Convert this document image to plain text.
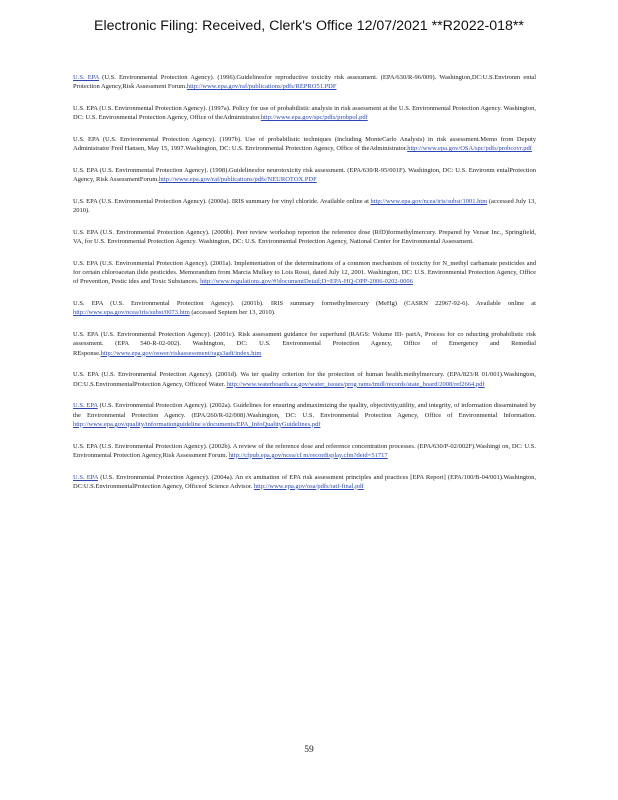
Electronic Filing: Received, Clerk's Office 12/07/2021 **R2022-018**

U.S. EPA (U.S. Environmental Protection Agency). (1996).Guidelinesfor reproductive toxicity risk assessment. (EPA/630/R-96/009). Washington,DC:U.S.Environm ental Protection Agency,Risk Assessment Forum.http://www.epa.gov/raf/publications/pdfs/REPRO51.PDF

U.S. EPA (U.S. Environmental Protection Agency). (1997a). Policy for use of probabilistic analysis in risk assessment at the U.S. Environmental Protection Agency. Washington, DC: U.S. Environmental Protection Agency, Office of theAdministrator.http://www.epa.gov/spc/pdfs/probpol.pdf

U.S. EPA (U.S. Environmental Protection Agency). (1997b). Use of probabilistic techniques (including MonteCarlo Analysis) in risk assessment.Memo from Deputy Administrator Fred Hansen, May 15, 1997.Washington, DC: U.S. Environmental Protection Agency, Office of theAdministrator.http://www.epa.gov/OSA/spc/pdfs/probcovr.pdf

U.S. EPA (U.S. Environmental Protection Agency). (1998).Guidelinesfor neurotoxicity risk assessment. (EPA/630/R-95/001F). Washington, DC: U.S. Environm entalProtection Agency, Risk AssessmentForum.http://www.epa.gov/raf/publications/pdfs/NEUROTOX.PDF

U.S. EPA (U.S. Environmental Protection Agency). (2000a). IRIS summary for vinyl chloride. Available online at http://www.epa.gov/ncea/iris/subst/1001.htm (accessed July 13, 2010).

U.S. EPA (U.S. Environmental Protection Agency). (2000b). Peer review workshop reporton the reference dose (RfD)formethylmercury. Prepared by Versar Inc., Springfield, VA, for U.S. Environmental Protection Agency. Washington, DC: U.S. Environmental Protection Agency, National Center for Environmental Assessment.

U.S. EPA (U.S. Environmental Protection Agency). (2001a). Implementation of the determinations of a common mechanism of toxicity for N_methyl carbamate pesticides and for certain chloroacetan ilide pesticides. Memorandum from Marcia Mulkey to Lois Rossi, dated July 12, 2001. Washington, DC: U.S. Environmental Protection Agency, Office of Prevention, Pestic ides and Toxic Substances. http://www.regulations.gov/#!documentDetail;D=EPA-HQ-OPP-2006-0202-0006

U.S. EPA (U.S. Environmental Protection Agency). (2001b). IRIS summary formethylmercury (MeHg) (CASRN 22967-92-6). Available online at http://www.epa.gov/ncea/iris/subst/0073.htm (accessed Septem ber 13, 2010).

U.S. EPA (U.S. Environmental Protection Agency). (2001c). Risk assessment guidance for superfund (RAGS: Volume III- partA, Process for co nducting probabilistic risk assessment. (EPA 540-R-02-002). Washington, DC: U.S. Environmental Protection Agency, Office of Emergency and Remedial REsponse.http://www.epa.gov/oswer/riskassessment/rags3adt/index.htm

U.S. EPA (U.S. Environmental Protection Agency). (2001d). Wa ter quality criterion for the protection of human health.methylmercury. (EPA/823/R 01/001).Washington, DC:U.S.EnvironmentalProtection Agency, Officeof Water. http://www.waterboards.ca.gov/water_issues/prog rams/tmdl/records/state_board/2008/ref2664.pdf

U.S. EPA (U.S. Environmental Protection Agency). (2002a). Guidelines for ensuring andmaximizing the quality, objectivity,utility, and integrity, of information disseminated by the Environmental Protection Agency. (EPA/260/R-02/008).Washington, DC: U.S. Environmental Protection Agency, Office of Environmental Information. http://www.epa.gov/quality/informationguideline s/documents/EPA_InfoQualityGuidelines.pdf

U.S. EPA (U.S. Environmental Protection Agency). (2002b). A review of the reference dose and reference concentration processes. (EPA/630/P-02/002F).Washingt on, DC: U.S. Environmental Protection Agency,Risk Assessment Forum. http://cfpub.epa.gov/ncea/cf m/recordisplay.cfm?deid=51717

U.S. EPA (U.S. Environmental Protection Agency). (2004a). An ex amination of EPA risk assessment principles and practices [EPA Report] (EPA/100/B-04/001).Washington, DC:U.S.EnvironmentalProtection Agency, Officeof Science Advisor. http://www.epa.gov/osa/pdfs/ratf-final.pdf

59
